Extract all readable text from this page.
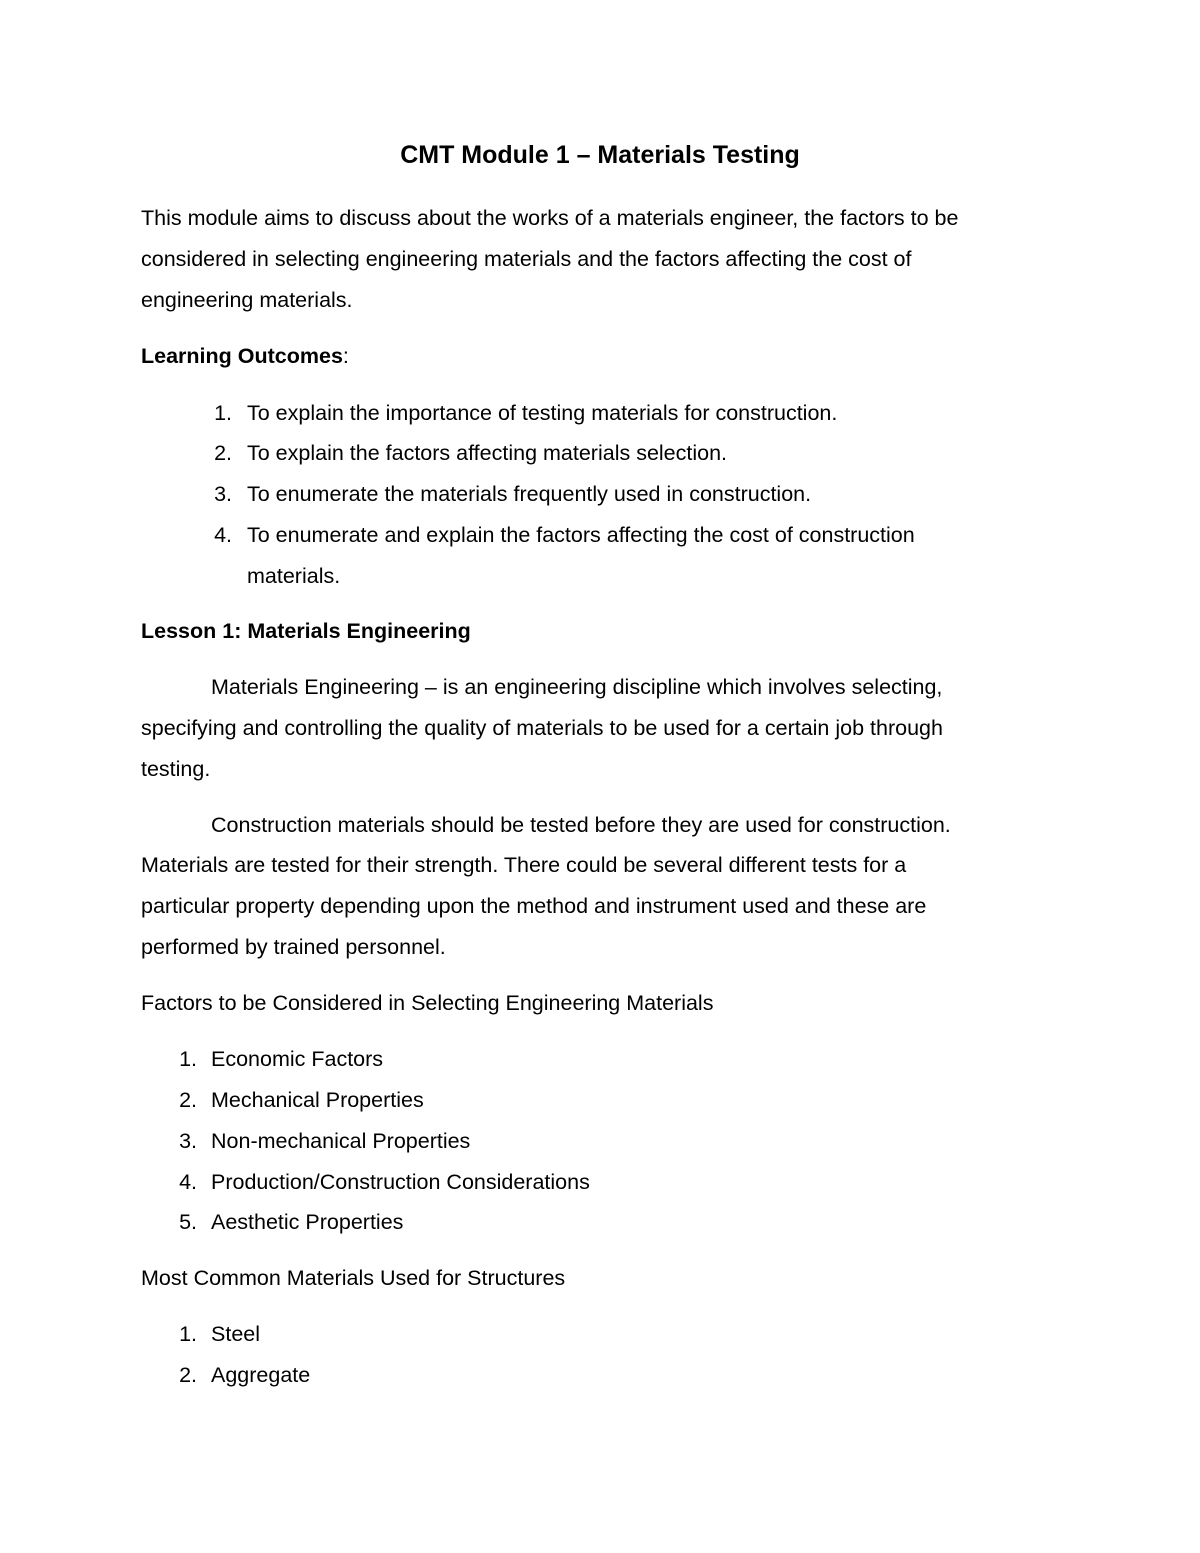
CMT Module 1 – Materials Testing

This module aims to discuss about the works of a materials engineer, the factors to be

considered in selecting engineering materials and the factors affecting the cost of

engineering materials.

Learning Outcomes:

1. To explain the importance of testing materials for construction.
2. To explain the factors affecting materials selection.
3. To enumerate the materials frequently used in construction.
4. To enumerate and explain the factors affecting the cost of construction
materials.

Lesson 1: Materials Engineering

Materials Engineering – is an engineering discipline which involves selecting,

specifying and controlling the quality of materials to be used for a certain job through

testing.

Construction materials should be tested before they are used for construction.

Materials are tested for their strength. There could be several different tests for a

particular property depending upon the method and instrument used and these are

performed by trained personnel.

Factors to be Considered in Selecting Engineering Materials

1. Economic Factors
2. Mechanical Properties
3. Non-mechanical Properties
4. Production/Construction Considerations
5. Aesthetic Properties

Most Common Materials Used for Structures

1. Steel
2. Aggregate
